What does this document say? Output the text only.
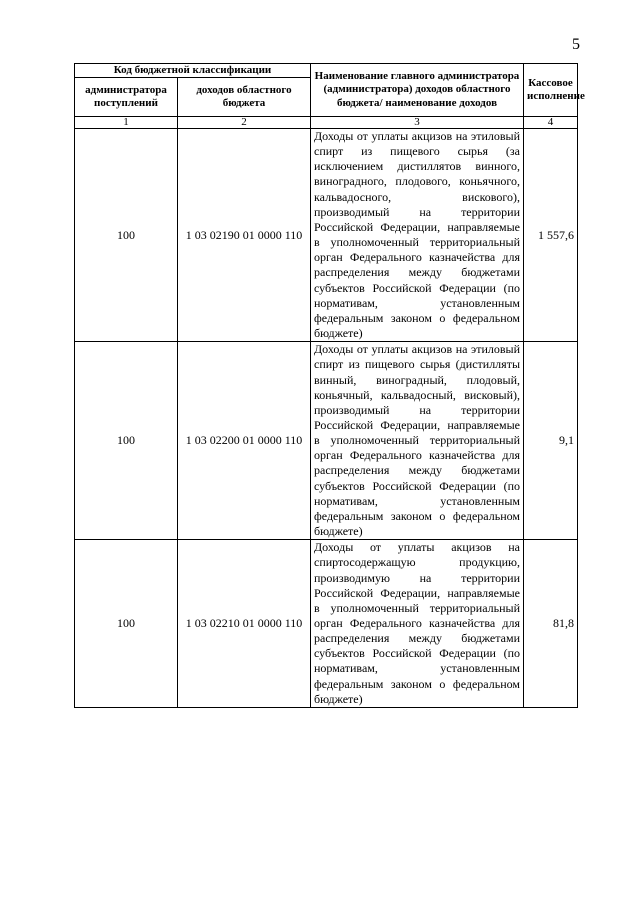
5
Код бюджетной классификации		Наименование главного администратора (администратора) доходов областного бюджета/ наименование доходов	Кассовое исполнение
администратора поступлений	доходов областного бюджета		
1	2	3	4
100	1 03 02190 01 0000 110	Доходы от уплаты акцизов на этиловый спирт из пищевого сырья (за исключением дистиллятов винного, виноградного, плодового, коньячного, кальвадосного, вискового), производимый на территории Российской Федерации, направляемые в уполномоченный территориальный орган Федерального казначейства для распределения между бюджетами субъектов Российской Федерации (по нормативам, установленным федеральным законом о федеральном бюджете)	1 557,6
100	1 03 02200 01 0000 110	Доходы от уплаты акцизов на этиловый спирт из пищевого сырья (дистилляты винный, виноградный, плодовый, коньячный, кальвадосный, висковый), производимый на территории Российской Федерации, направляемые в уполномоченный территориальный орган Федерального казначейства для распределения между бюджетами субъектов Российской Федерации (по нормативам, установленным федеральным законом о федеральном бюджете)	9,1
100	1 03 02210 01 0000 110	Доходы от уплаты акцизов на спиртосодержащую продукцию, производимую на территории Российской Федерации, направляемые в уполномоченный территориальный орган Федерального казначейства для распределения между бюджетами субъектов Российской Федерации (по нормативам, установленным федеральным законом о федеральном бюджете)	81,8
